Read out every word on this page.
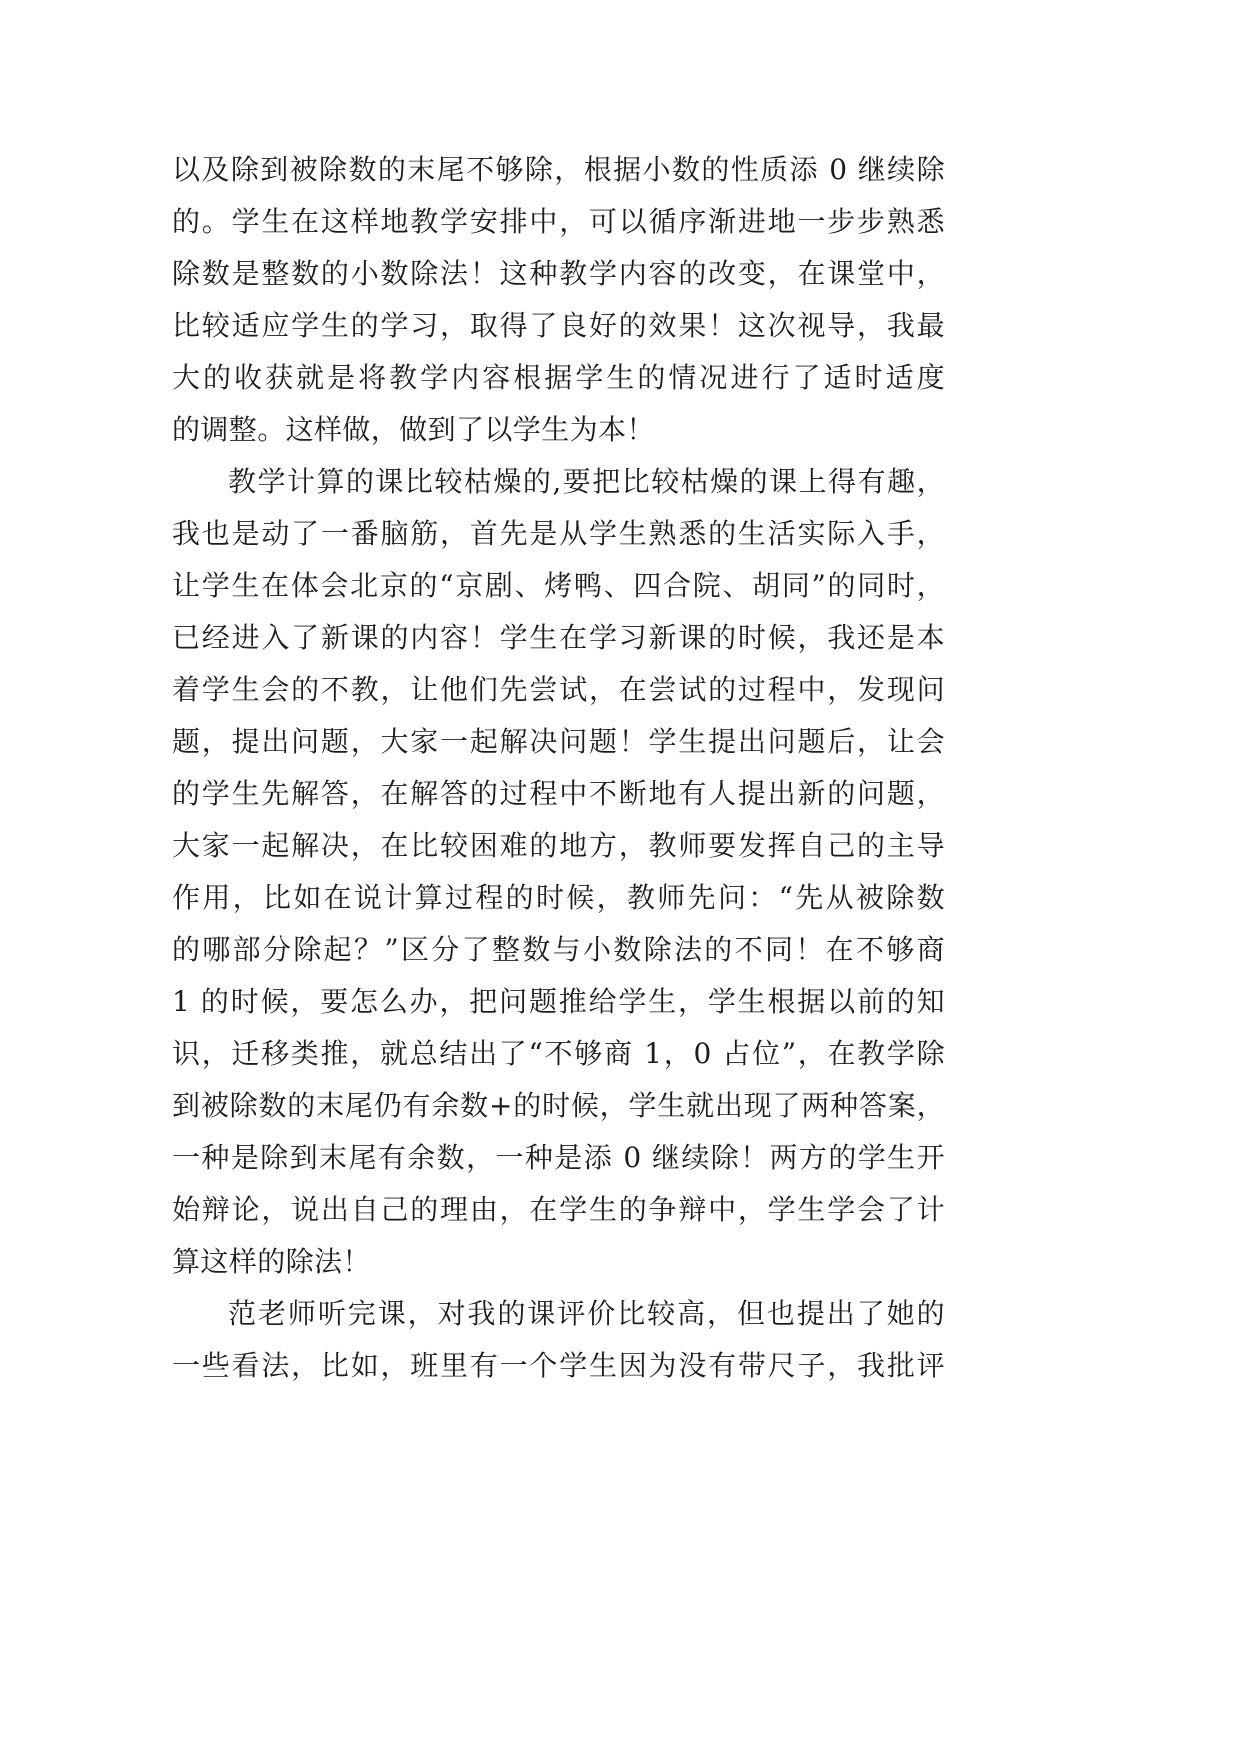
以及除到被除数的末尾不够除，根据小数的性质添 0 继续除
的。学生在这样地教学安排中，可以循序渐进地一步步熟悉
除数是整数的小数除法！这种教学内容的改变，在课堂中，
比较适应学生的学习，取得了良好的效果！这次视导，我最
大的收获就是将教学内容根据学生的情况进行了适时适度
的调整。这样做，做到了以学生为本！
教学计算的课比较枯燥的,要把比较枯燥的课上得有趣，
我也是动了一番脑筋，首先是从学生熟悉的生活实际入手，
让学生在体会北京的“京剧、烤鸭、四合院、胡同”的同时，
已经进入了新课的内容！学生在学习新课的时候，我还是本
着学生会的不教，让他们先尝试，在尝试的过程中，发现问
题，提出问题，大家一起解决问题！学生提出问题后，让会
的学生先解答，在解答的过程中不断地有人提出新的问题，
大家一起解决，在比较困难的地方，教师要发挥自己的主导
作用，比如在说计算过程的时候，教师先问：“先从被除数
的哪部分除起？”区分了整数与小数除法的不同！在不够商
1 的时候，要怎么办，把问题推给学生，学生根据以前的知
识，迁移类推，就总结出了“不够商 1，0 占位”，在教学除
到被除数的末尾仍有余数+的时候，学生就出现了两种答案，
一种是除到末尾有余数，一种是添 0 继续除！两方的学生开
始辩论，说出自己的理由，在学生的争辩中，学生学会了计
算这样的除法！
范老师听完课，对我的课评价比较高，但也提出了她的
一些看法，比如，班里有一个学生因为没有带尺子，我批评
